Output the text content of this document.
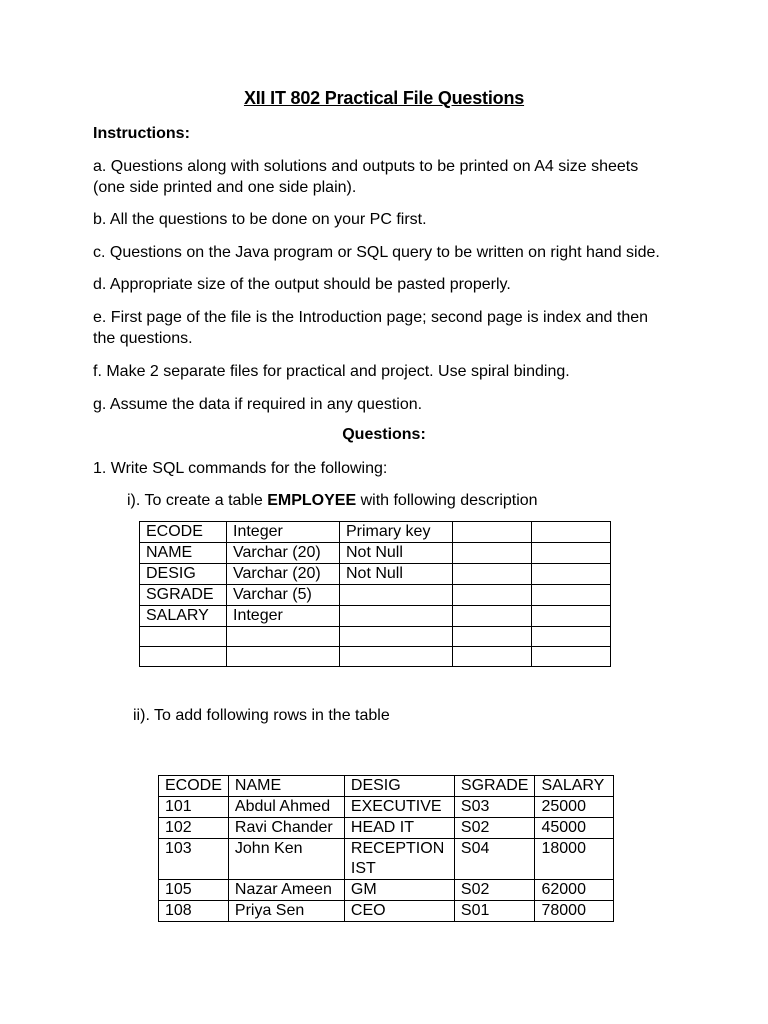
XII IT 802 Practical File Questions
Instructions:
a. Questions along with solutions and outputs to be printed on A4 size sheets
(one side printed and one side plain).
b. All the questions to be done on your PC first.
c. Questions on the Java program or SQL query to be written on right hand side.
d. Appropriate size of the output should be pasted properly.
e. First page of the file is the Introduction page; second page is index and then
the questions.
f. Make 2 separate files for practical and project. Use spiral binding.
g. Assume the data if required in any question.
Questions:
1. Write SQL commands for the following:
i). To create a table EMPLOYEE with following description
ECODE	Integer	Primary key		
NAME	Varchar (20)	Not Null		
DESIG	Varchar (20)	Not Null		
SGRADE	Varchar (5)			
SALARY	Integer			

ii). To add following rows in the table
ECODE	NAME	DESIG	SGRADE	SALARY
101	Abdul Ahmed	EXECUTIVE	S03	25000
102	Ravi Chander	HEAD IT	S02	45000
103	John Ken	RECEPTIONIST	S04	18000
105	Nazar Ameen	GM	S02	62000
108	Priya Sen	CEO	S01	78000
